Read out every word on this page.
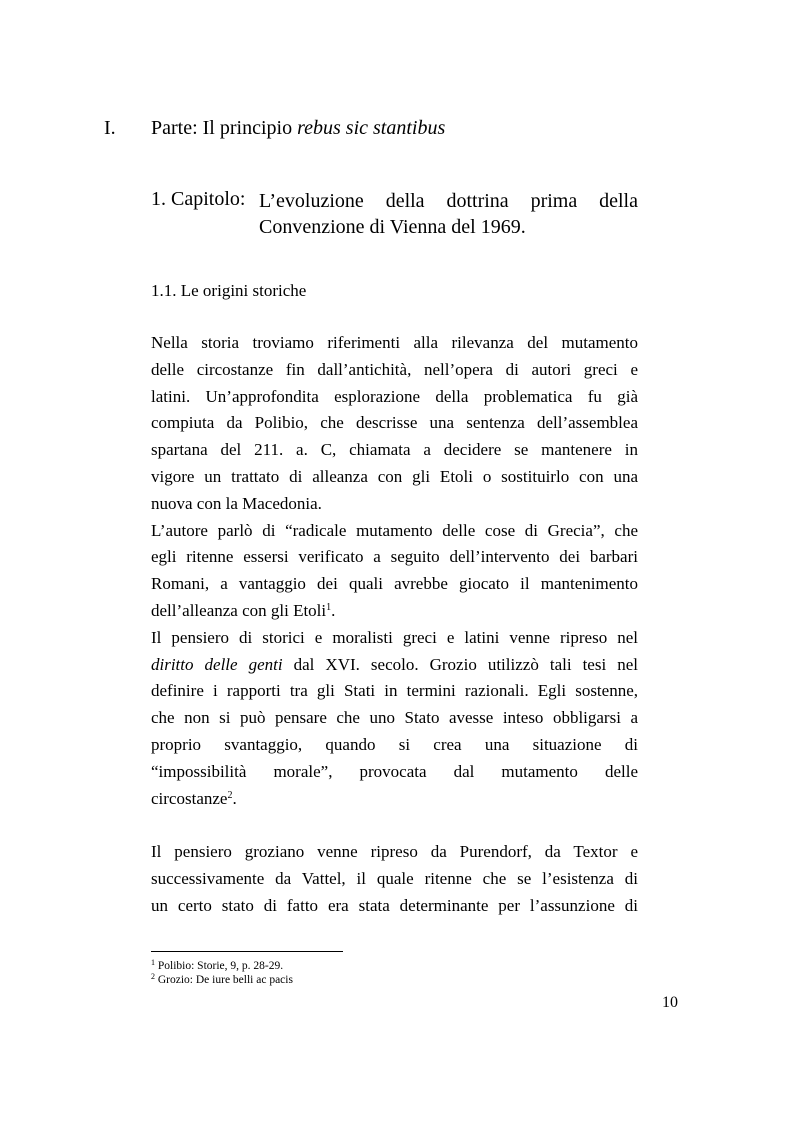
I. Parte: Il principio rebus sic stantibus
1. Capitolo: L’evoluzione della dottrina prima della
Convenzione di Vienna del 1969.
1.1. Le origini storiche
Nella storia troviamo riferimenti alla rilevanza del mutamento
delle circostanze fin dall’antichità, nell’opera di autori greci e
latini. Un’approfondita esplorazione della problematica fu già
compiuta da Polibio, che descrisse una sentenza dell’assemblea
spartana del 211. a. C, chiamata a decidere se mantenere in
vigore un trattato di alleanza con gli Etoli o sostituirlo con una
nuova con la Macedonia.
L’autore parlò di “radicale mutamento delle cose di Grecia”, che
egli ritenne essersi verificato a seguito dell’intervento dei barbari
Romani, a vantaggio dei quali avrebbe giocato il mantenimento
dell’alleanza con gli Etoli$^1$.
Il pensiero di storici e moralisti greci e latini venne ripreso nel
diritto delle genti dal XVI. secolo. Grozio utilizzò tali tesi nel
definire i rapporti tra gli Stati in termini razionali. Egli sostenne,
che non si può pensare che uno Stato avesse inteso obbligarsi a
proprio svantaggio, quando si crea una situazione di
“impossibilità morale”, provocata dal mutamento delle
circostanze$^2$.
Il pensiero groziano venne ripreso da Purendorf, da Textor e
successivamente da Vattel, il quale ritenne che se l’esistenza di
un certo stato di fatto era stata determinante per l’assunzione di
$^1$ Polibio: Storie, 9, p. 28-29.
$^2$ Grozio: De iure belli ac pacis
10
